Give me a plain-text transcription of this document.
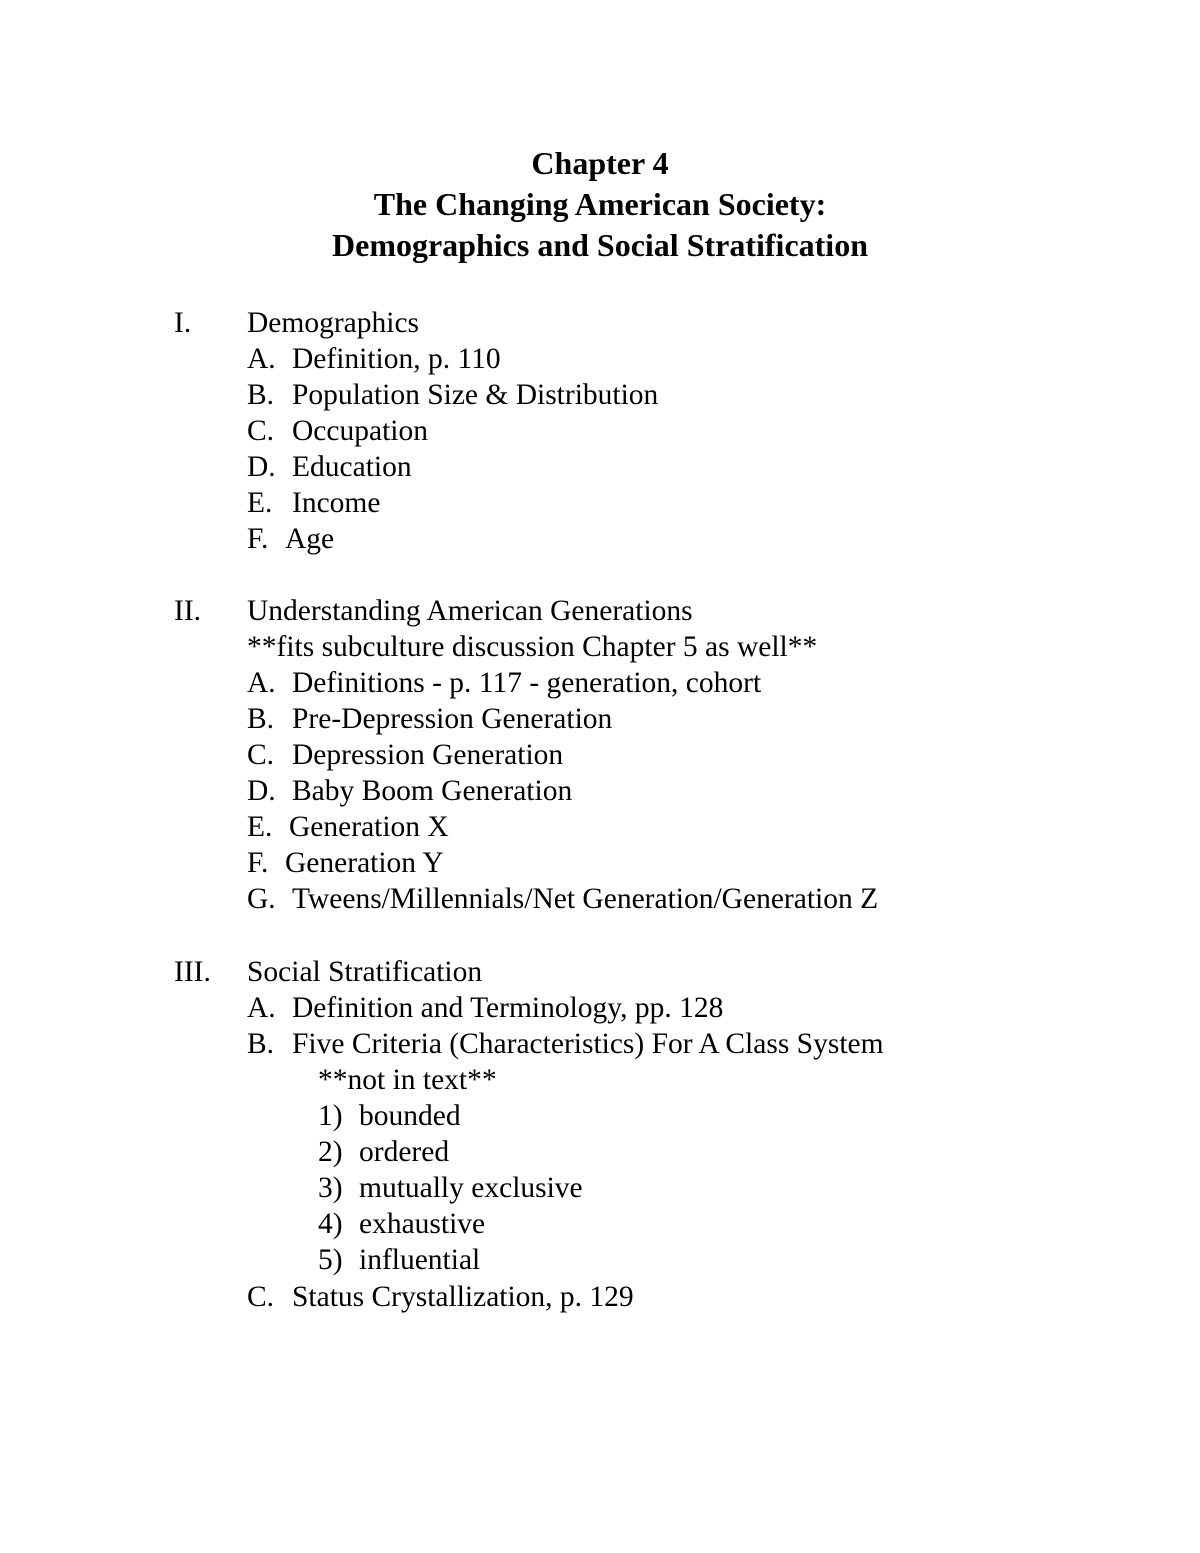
Chapter 4
The Changing American Society:
Demographics and Social Stratification
I. Demographics
A. Definition, p. 110
B. Population Size & Distribution
C. Occupation
D. Education
E. Income
F. Age
II. Understanding American Generations
**fits subculture discussion Chapter 5 as well**
A. Definitions - p. 117 - generation, cohort
B. Pre-Depression Generation
C. Depression Generation
D. Baby Boom Generation
E. Generation X
F. Generation Y
G. Tweens/Millennials/Net Generation/Generation Z
III. Social Stratification
A. Definition and Terminology, pp. 128
B. Five Criteria (Characteristics) For A Class System
**not in text**
1) bounded
2) ordered
3) mutually exclusive
4) exhaustive
5) influential
C. Status Crystallization, p. 129
